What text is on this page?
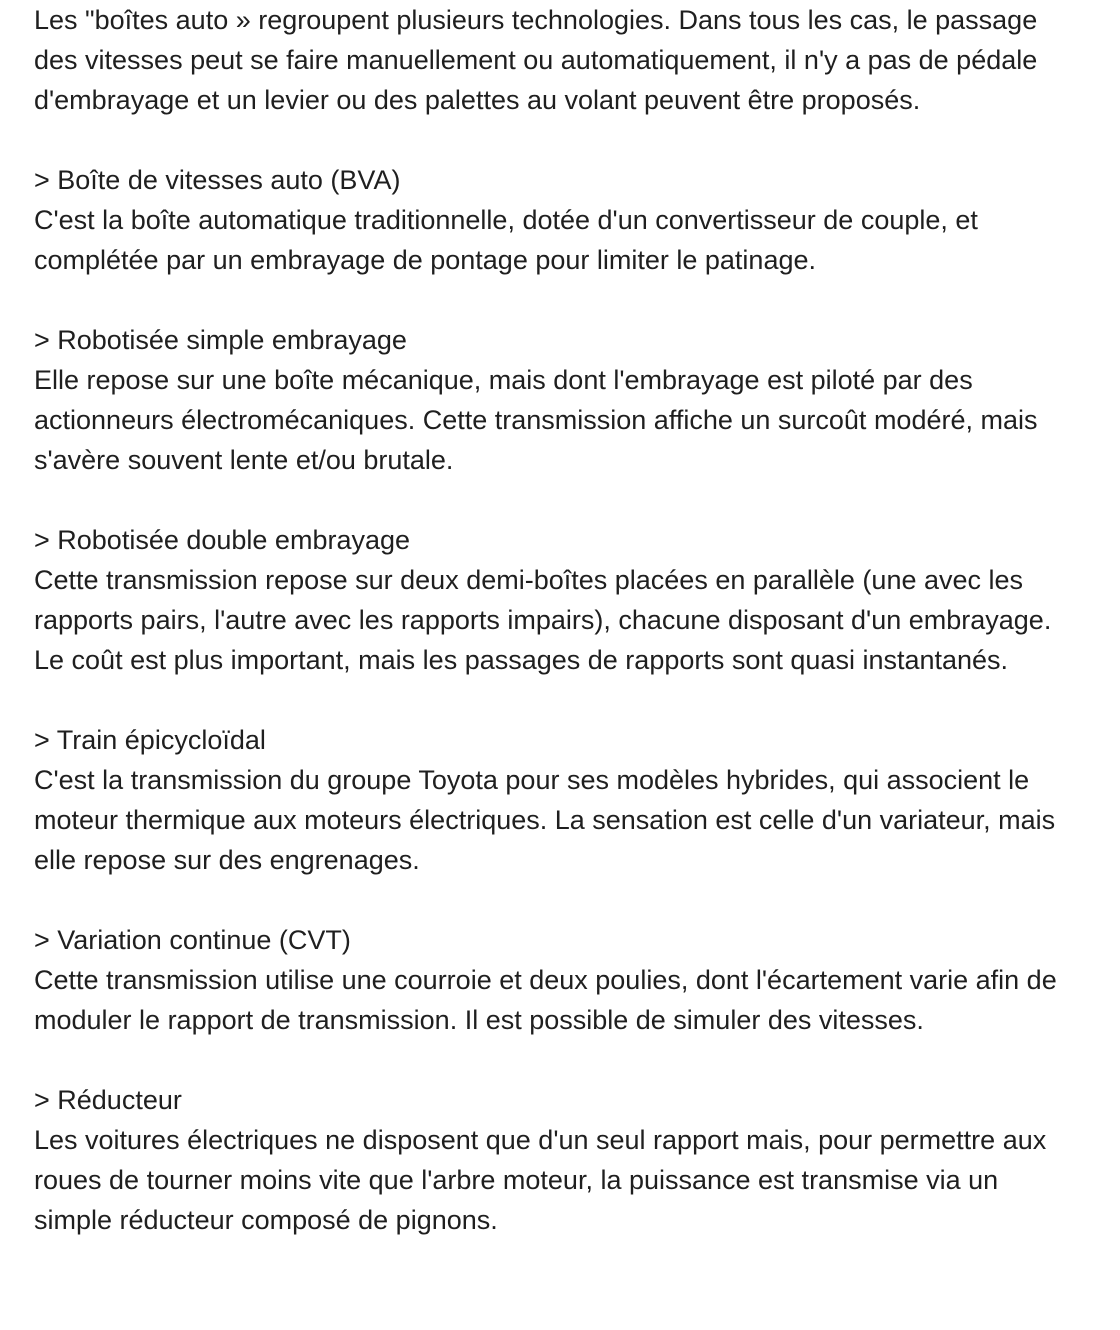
Les "boîtes auto » regroupent plusieurs technologies. Dans tous les cas, le passage des vitesses peut se faire manuellement ou automatiquement, il n'y a pas de pédale d'embrayage et un levier ou des palettes au volant peuvent être proposés.

> Boîte de vitesses auto (BVA)
C'est la boîte automatique traditionnelle, dotée d'un convertisseur de couple, et complétée par un embrayage de pontage pour limiter le patinage.
> Robotisée simple embrayage
Elle repose sur une boîte mécanique, mais dont l'embrayage est piloté par des actionneurs électromécaniques. Cette transmission affiche un surcoût modéré, mais s'avère souvent lente et/ou brutale.
> Robotisée double embrayage
Cette transmission repose sur deux demi-boîtes placées en parallèle (une avec les rapports pairs, l'autre avec les rapports impairs), chacune disposant d'un embrayage. Le coût est plus important, mais les passages de rapports sont quasi instantanés.
> Train épicycloïdal
C'est la transmission du groupe Toyota pour ses modèles hybrides, qui associent le moteur thermique aux moteurs électriques. La sensation est celle d'un variateur, mais elle repose sur des engrenages.
> Variation continue (CVT)
Cette transmission utilise une courroie et deux poulies, dont l'écartement varie afin de moduler le rapport de transmission. Il est possible de simuler des vitesses.
> Réducteur
Les voitures électriques ne disposent que d'un seul rapport mais, pour permettre aux roues de tourner moins vite que l'arbre moteur, la puissance est transmise via un simple réducteur composé de pignons.
